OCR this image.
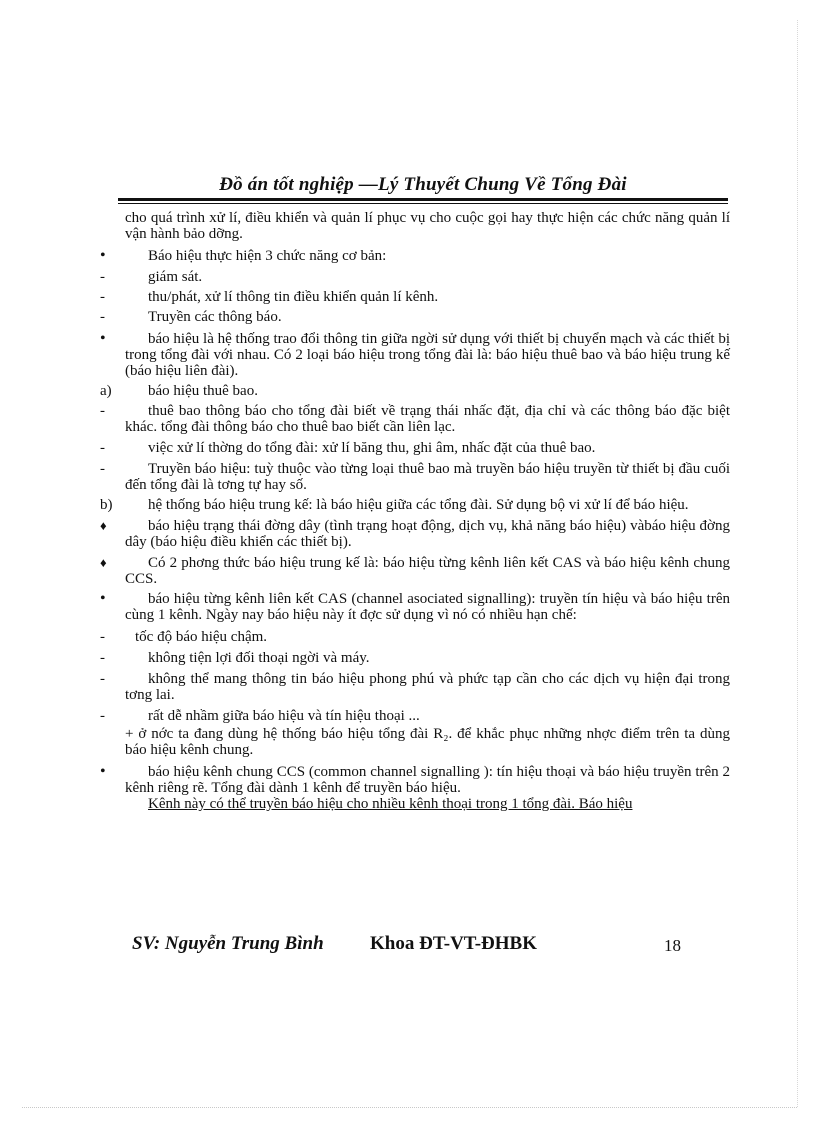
Đồ án tốt nghiệp —Lý Thuyết Chung Về Tổng Đài
cho quá trình xử lí, điều khiển và quản lí phục vụ cho cuộc gọi hay thực hiện các chức năng quản lí vận hành bảo dỡng.
•	Báo hiệu thực hiện 3 chức năng cơ bản:
-	giám sát.
-	thu/phát, xử lí thông tin điều khiển quản lí kênh.
-	Truyền các thông báo.
•	báo hiệu là hệ thống trao đổi thông tin giữa ngời sử dụng với thiết bị chuyển mạch và các thiết bị trong tổng đài với nhau. Có 2 loại báo hiệu trong tổng đài là: báo hiệu thuê bao và báo hiệu trung kế (báo hiệu liên đài).
a)	báo hiệu thuê bao.
-	thuê bao thông báo cho tổng đài biết về trạng thái nhấc đặt, địa chỉ và các thông báo đặc biệt khác. tổng đài thông báo cho thuê bao biết cần liên lạc.
-	việc xử lí thờng do tổng đài: xử lí băng thu, ghi âm, nhấc đặt của thuê bao.
-	Truyền báo hiệu: tuỳ thuộc vào từng loại thuê bao mà truyền báo hiệu truyền từ thiết bị đầu cuối đến tổng đài là tơng tự hay số.
b)	hệ thống báo hiệu trung kế: là báo hiệu giữa các tổng đài. Sử dụng bộ vi xử lí để báo hiệu.
♦	báo hiệu trạng thái đờng dây (tình trạng hoạt động, dịch vụ, khả năng báo hiệu) vàbáo hiệu đờng dây (báo hiệu điều khiển các thiết bị).
♦	Có 2 phơng thức báo hiệu trung kế là: báo hiệu từng kênh liên kết CAS và báo hiệu kênh chung CCS.
•	báo hiệu từng kênh liên kết CAS (channel asociated signalling): truyền tín hiệu và báo hiệu trên cùng 1 kênh. Ngày nay báo hiệu này ít đợc sử dụng vì nó có nhiều hạn chế:
-	tốc độ báo hiệu chậm.
-	không tiện lợi đối thoại ngời và máy.
-	không thể mang thông tin báo hiệu phong phú và phức tạp cần cho các dịch vụ hiện đại trong tơng lai.
-	rất dễ nhầm giữa báo hiệu và tín hiệu thoại ...
+ ở nớc ta đang dùng hệ thống báo hiệu tổng đài R₂. để khắc phục những nhợc điểm trên ta dùng báo hiệu kênh chung.
•	báo hiệu kênh chung CCS (common channel signalling ): tín hiệu thoại và báo hiệu truyền trên 2 kênh riêng rẽ. Tổng đài dành 1 kênh để truyền báo hiệu.
Kênh này có thể truyền báo hiệu cho nhiều kênh thoại trong 1 tổng đài. Báo hiệu
SV: Nguyễn Trung Bình Khoa ĐT-VT-ĐHBK	18
